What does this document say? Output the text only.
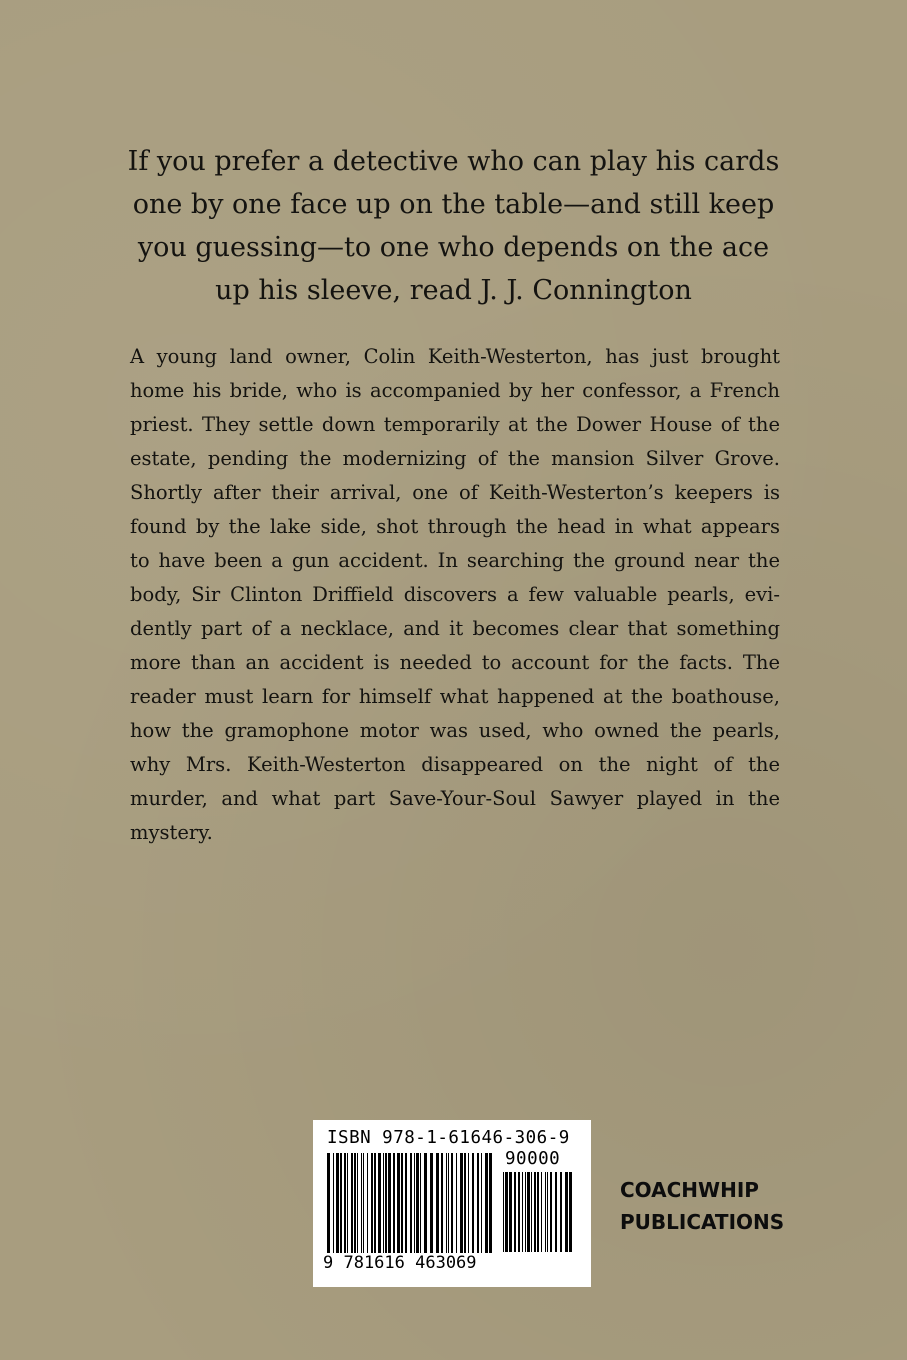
If you prefer a detective who can play his cards
one by one face up on the table—and still keep
you guessing—to one who depends on the ace
up his sleeve, read J. J. Connington

A young land owner, Colin Keith-Westerton, has just brought
home his bride, who is accompanied by her confessor, a French
priest. They settle down temporarily at the Dower House of the
estate, pending the modernizing of the mansion Silver Grove.
Shortly after their arrival, one of Keith-Westerton’s keepers is
found by the lake side, shot through the head in what appears
to have been a gun accident. In searching the ground near the
body, Sir Clinton Driffield discovers a few valuable pearls, evi-
dently part of a necklace, and it becomes clear that something
more than an accident is needed to account for the facts. The
reader must learn for himself what happened at the boathouse,
how the gramophone motor was used, who owned the pearls,
why Mrs. Keith-Westerton disappeared on the night of the
murder, and what part Save-Your-Soul Sawyer played in the
mystery.

ISBN 978-1-61646-306-9
90000
9 781616 463069
COACHWHIP
PUBLICATIONS
